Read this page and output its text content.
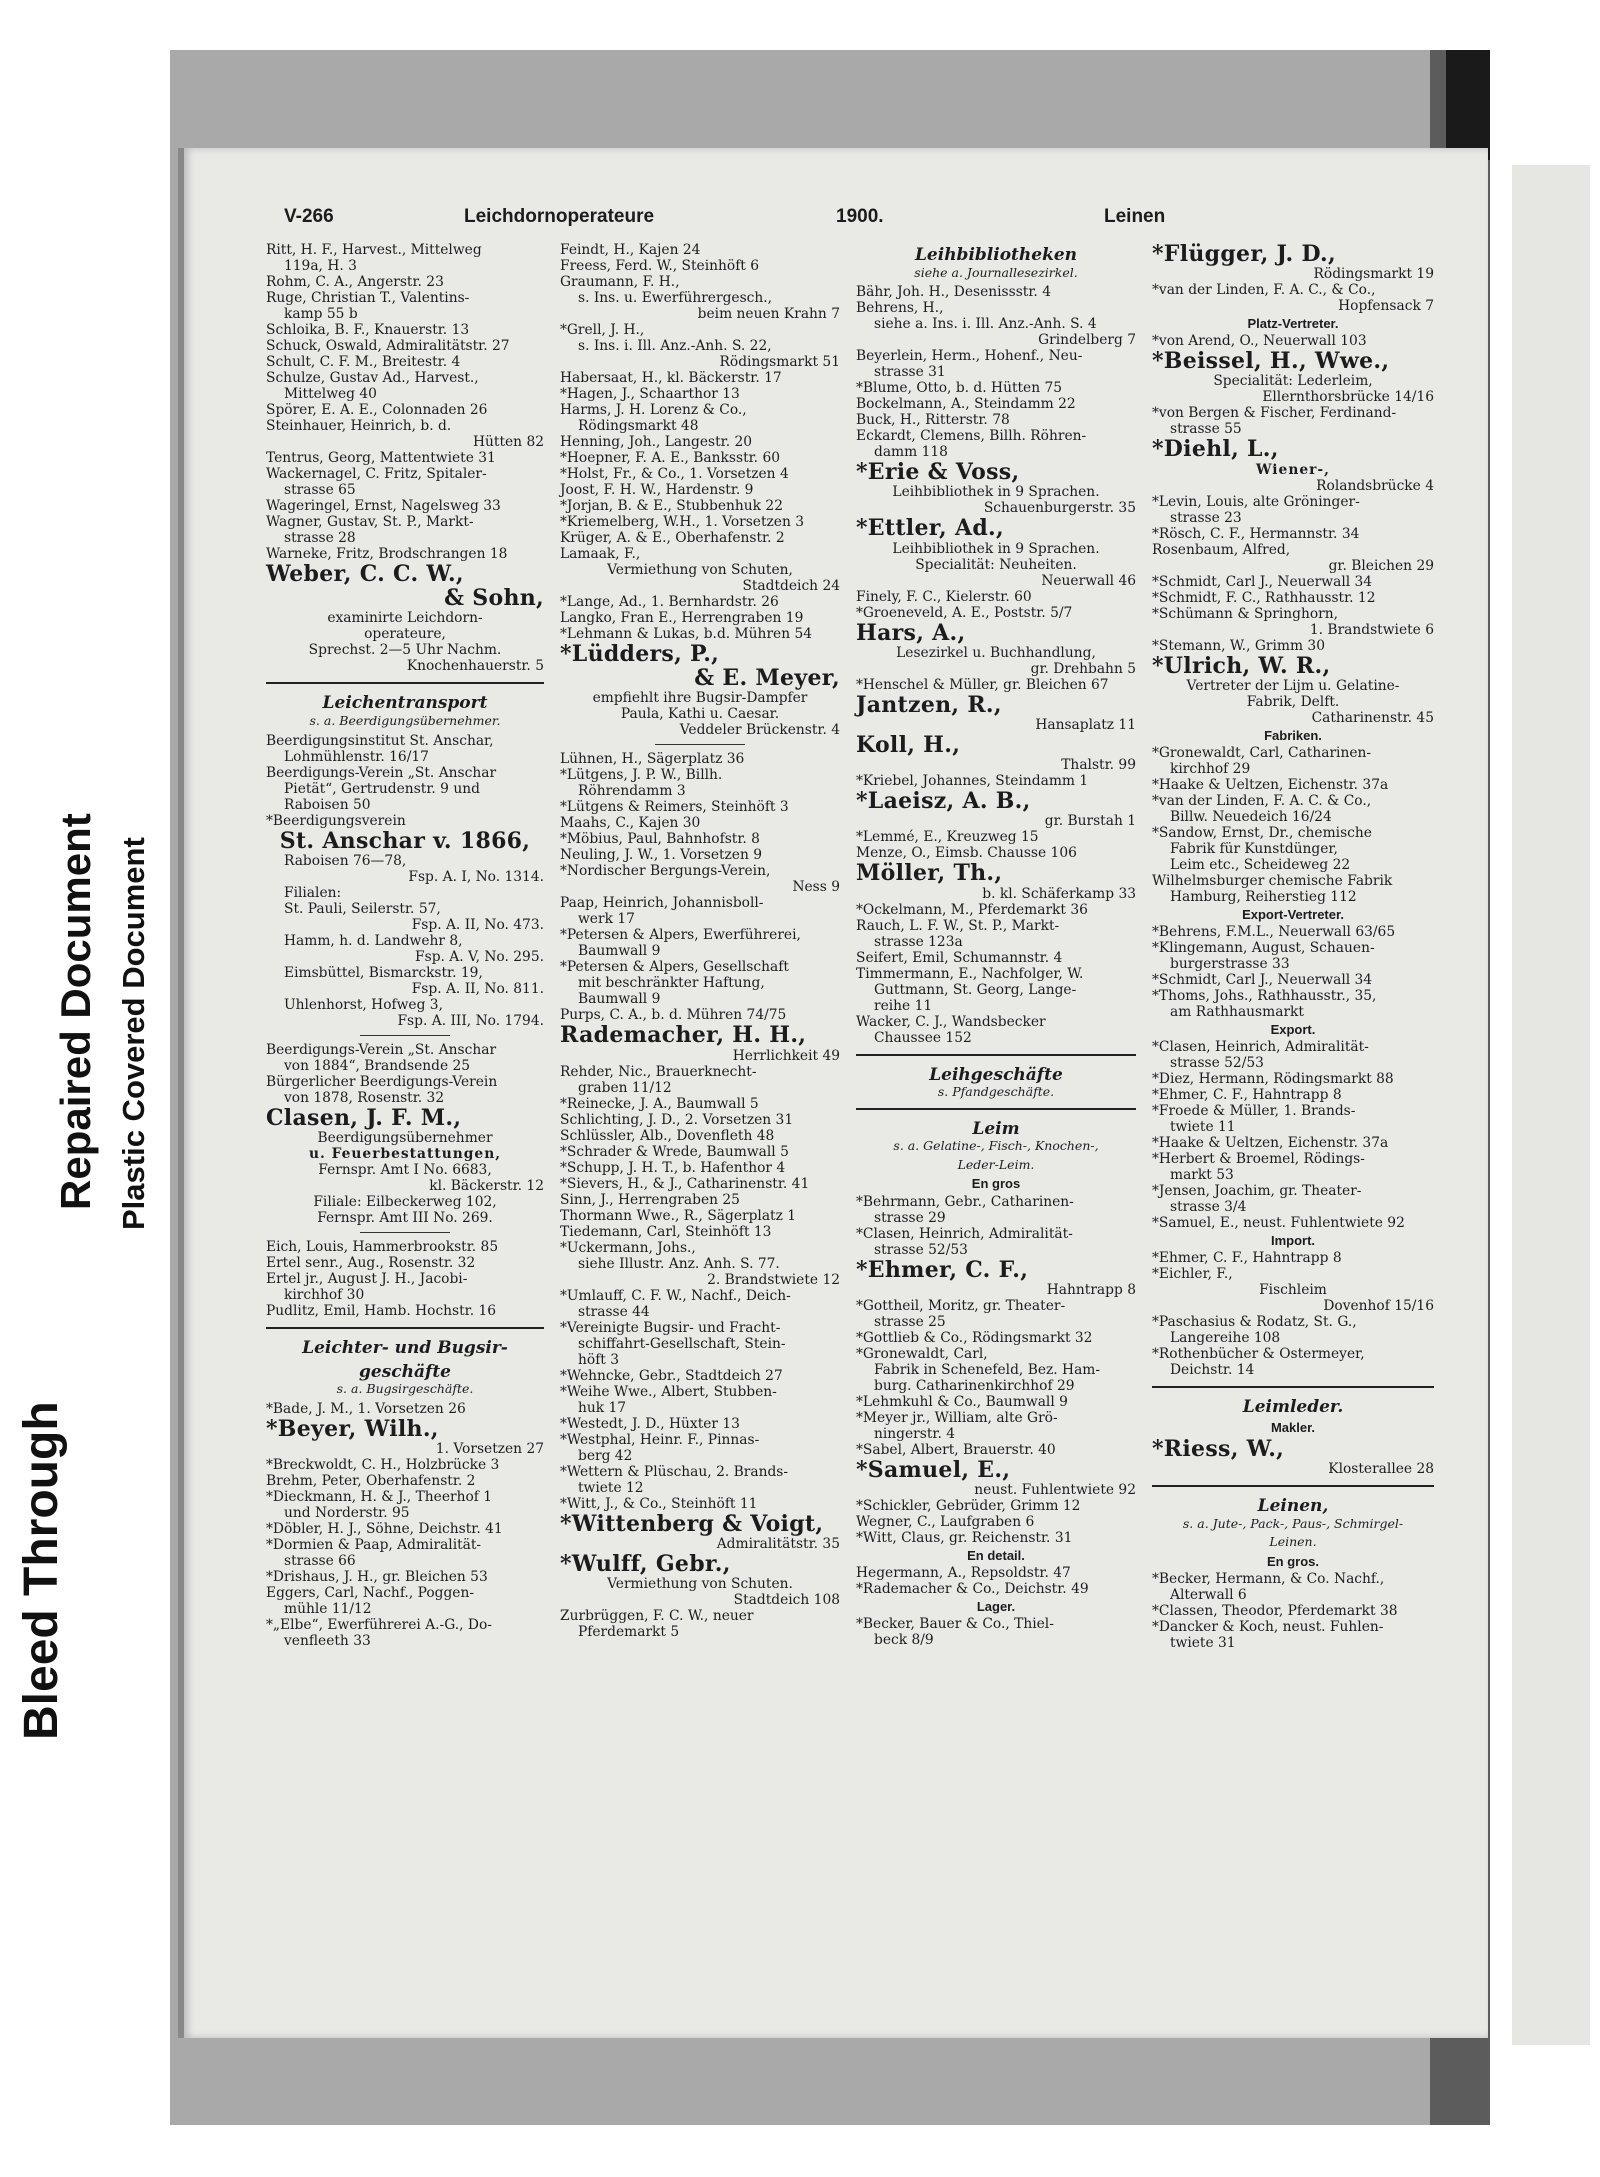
Bleed Through
Repaired Document Plastic Covered Document
V-266	Leichdornoperateure	1900.	Leinen
Ritt, H. F., Harvest., Mittelweg
119a, H. 3
Rohm, C. A., Angerstr. 23
Ruge, Christian T., Valentins-
kamp 55 b
Schloika, B. F., Knauerstr. 13
Schuck, Oswald, Admiralitätstr. 27
Schult, C. F. M., Breitestr. 4
Schulze, Gustav Ad., Harvest.,
Mittelweg 40
Spörer, E. A. E., Colonnaden 26
Steinhauer, Heinrich, b. d.
Hütten 82
Tentrus, Georg, Mattentwiete 31
Wackernagel, C. Fritz, Spitaler-
strasse 65
Wageringel, Ernst, Nagelsweg 33
Wagner, Gustav, St. P., Markt-
strasse 28
Warneke, Fritz, Brodschrangen 18
Weber, C. C. W.,
& Sohn,
examinirte Leichdorn-
operateure,
Sprechst. 2—5 Uhr Nachm.
Knochenhauerstr. 5
Leichentransport
s. a. Beerdigungsübernehmer.
Beerdigungsinstitut St. Anschar,
Lohmühlenstr. 16/17
Beerdigungs-Verein „St. Anschar
Pietät“, Gertrudenstr. 9 und
Raboisen 50
*Beerdigungsverein
St. Anschar v. 1866,
Raboisen 76—78,
Fsp. A. I, No. 1314.
Filialen:
St. Pauli, Seilerstr. 57,
Fsp. A. II, No. 473.
Hamm, h. d. Landwehr 8,
Fsp. A. V, No. 295.
Eimsbüttel, Bismarckstr. 19,
Fsp. A. II, No. 811.
Uhlenhorst, Hofweg 3,
Fsp. A. III, No. 1794.
Beerdigungs-Verein „St. Anschar
von 1884“, Brandsende 25
Bürgerlicher Beerdigungs-Verein
von 1878, Rosenstr. 32
Clasen, J. F. M.,
Beerdigungsübernehmer
u. Feuerbestattungen,
Fernspr. Amt I No. 6683,
kl. Bäckerstr. 12
Filiale: Eilbeckerweg 102,
Fernspr. Amt III No. 269.
Eich, Louis, Hammerbrookstr. 85
Ertel senr., Aug., Rosenstr. 32
Ertel jr., August J. H., Jacobi-
kirchhof 30
Pudlitz, Emil, Hamb. Hochstr. 16
Leichter- und Bugsir-
geschäfte
s. a. Bugsirgeschäfte.
*Bade, J. M., 1. Vorsetzen 26
*Beyer, Wilh.,
1. Vorsetzen 27
*Breckwoldt, C. H., Holzbrücke 3
Brehm, Peter, Oberhafenstr. 2
*Dieckmann, H. & J., Theerhof 1
und Norderstr. 95
*Döbler, H. J., Söhne, Deichstr. 41
*Dormien & Paap, Admiralität-
strasse 66
*Drishaus, J. H., gr. Bleichen 53
Eggers, Carl, Nachf., Poggen-
mühle 11/12
*„Elbe“, Ewerführerei A.-G., Do-
venfleeth 33
Feindt, H., Kajen 24
Freess, Ferd. W., Steinhöft 6
Graumann, F. H.,
s. Ins. u. Ewerführergesch.,
beim neuen Krahn 7
*Grell, J. H.,
s. Ins. i. Ill. Anz.-Anh. S. 22,
Rödingsmarkt 51
Habersaat, H., kl. Bäckerstr. 17
*Hagen, J., Schaarthor 13
Harms, J. H. Lorenz & Co.,
Rödingsmarkt 48
Henning, Joh., Langestr. 20
*Hoepner, F. A. E., Banksstr. 60
*Holst, Fr., & Co., 1. Vorsetzen 4
Joost, F. H. W., Hardenstr. 9
*Jorjan, B. & E., Stubbenhuk 22
*Kriemelberg, W.H., 1. Vorsetzen 3
Krüger, A. & E., Oberhafenstr. 2
Lamaak, F.,
Vermiethung von Schuten,
Stadtdeich 24
*Lange, Ad., 1. Bernhardstr. 26
Langko, Fran E., Herrengraben 19
*Lehmann & Lukas, b.d. Mühren 54
*Lüdders, P.,
& E. Meyer,
empfiehlt ihre Bugsir-Dampfer
Paula, Kathi u. Caesar.
Veddeler Brückenstr. 4
Lühnen, H., Sägerplatz 36
*Lütgens, J. P. W., Billh.
Röhrendamm 3
*Lütgens & Reimers, Steinhöft 3
Maahs, C., Kajen 30
*Möbius, Paul, Bahnhofstr. 8
Neuling, J. W., 1. Vorsetzen 9
*Nordischer Bergungs-Verein,
Ness 9
Paap, Heinrich, Johannisboll-
werk 17
*Petersen & Alpers, Ewerführerei,
Baumwall 9
*Petersen & Alpers, Gesellschaft
mit beschränkter Haftung,
Baumwall 9
Purps, C. A., b. d. Mühren 74/75
Rademacher, H. H.,
Herrlichkeit 49
Rehder, Nic., Brauerknecht-
graben 11/12
*Reinecke, J. A., Baumwall 5
Schlichting, J. D., 2. Vorsetzen 31
Schlüssler, Alb., Dovenfleth 48
*Schrader & Wrede, Baumwall 5
*Schupp, J. H. T., b. Hafenthor 4
*Sievers, H., & J., Catharinenstr. 41
Sinn, J., Herrengraben 25
Thormann Wwe., R., Sägerplatz 1
Tiedemann, Carl, Steinhöft 13
*Uckermann, Johs.,
siehe Illustr. Anz. Anh. S. 77.
2. Brandstwiete 12
*Umlauff, C. F. W., Nachf., Deich-
strasse 44
*Vereinigte Bugsir- und Fracht-
schiffahrt-Gesellschaft, Stein-
höft 3
*Wehncke, Gebr., Stadtdeich 27
*Weihe Wwe., Albert, Stubben-
huk 17
*Westedt, J. D., Hüxter 13
*Westphal, Heinr. F., Pinnas-
berg 42
*Wettern & Plüschau, 2. Brands-
twiete 12
*Witt, J., & Co., Steinhöft 11
*Wittenberg & Voigt,
Admiralitätstr. 35
*Wulff, Gebr.,
Vermiethung von Schuten.
Stadtdeich 108
Zurbrüggen, F. C. W., neuer
Pferdemarkt 5
Leihbibliotheken
siehe a. Journallesezirkel.
Bähr, Joh. H., Desenissstr. 4
Behrens, H.,
siehe a. Ins. i. Ill. Anz.-Anh. S. 4
Grindelberg 7
Beyerlein, Herm., Hohenf., Neu-
strasse 31
*Blume, Otto, b. d. Hütten 75
Bockelmann, A., Steindamm 22
Buck, H., Ritterstr. 78
Eckardt, Clemens, Billh. Röhren-
damm 118
*Erie & Voss,
Leihbibliothek in 9 Sprachen.
Schauenburgerstr. 35
*Ettler, Ad.,
Leihbibliothek in 9 Sprachen.
Specialität: Neuheiten.
Neuerwall 46
Finely, F. C., Kielerstr. 60
*Groeneveld, A. E., Poststr. 5/7
Hars, A.,
Lesezirkel u. Buchhandlung,
gr. Drehbahn 5
*Henschel & Müller, gr. Bleichen 67
Jantzen, R.,
Hansaplatz 11
Koll, H.,
Thalstr. 99
*Kriebel, Johannes, Steindamm 1
*Laeisz, A. B.,
gr. Burstah 1
*Lemmé, E., Kreuzweg 15
Menze, O., Eimsb. Chausse 106
Möller, Th.,
b. kl. Schäferkamp 33
*Ockelmann, M., Pferdemarkt 36
Rauch, L. F. W., St. P., Markt-
strasse 123a
Seifert, Emil, Schumannstr. 4
Timmermann, E., Nachfolger, W.
Guttmann, St. Georg, Lange-
reihe 11
Wacker, C. J., Wandsbecker
Chaussee 152
Leihgeschäfte
s. Pfandgeschäfte.
Leim
s. a. Gelatine-, Fisch-, Knochen-,
Leder-Leim.
En gros
*Behrmann, Gebr., Catharinen-
strasse 29
*Clasen, Heinrich, Admiralität-
strasse 52/53
*Ehmer, C. F.,
Hahntrapp 8
*Gottheil, Moritz, gr. Theater-
strasse 25
*Gottlieb & Co., Rödingsmarkt 32
*Gronewaldt, Carl,
Fabrik in Schenefeld, Bez. Ham-
burg. Catharinenkirchhof 29
*Lehmkuhl & Co., Baumwall 9
*Meyer jr., William, alte Grö-
ningerstr. 4
*Sabel, Albert, Brauerstr. 40
*Samuel, E.,
neust. Fuhlentwiete 92
*Schickler, Gebrüder, Grimm 12
Wegner, C., Laufgraben 6
*Witt, Claus, gr. Reichenstr. 31
En detail.
Hegermann, A., Repsoldstr. 47
*Rademacher & Co., Deichstr. 49
Lager.
*Becker, Bauer & Co., Thiel-
beck 8/9
*Flügger, J. D.,
Rödingsmarkt 19
*van der Linden, F. A. C., & Co.,
Hopfensack 7
Platz-Vertreter.
*von Arend, O., Neuerwall 103
*Beissel, H., Wwe.,
Specialität: Lederleim,
Ellernthorsbrücke 14/16
*von Bergen & Fischer, Ferdinand-
strasse 55
*Diehl, L.,
Wiener-,
Rolandsbrücke 4
*Levin, Louis, alte Gröninger-
strasse 23
*Rösch, C. F., Hermannstr. 34
Rosenbaum, Alfred,
gr. Bleichen 29
*Schmidt, Carl J., Neuerwall 34
*Schmidt, F. C., Rathhausstr. 12
*Schümann & Springhorn,
1. Brandstwiete 6
*Stemann, W., Grimm 30
*Ulrich, W. R.,
Vertreter der Lijm u. Gelatine-
Fabrik, Delft.
Catharinenstr. 45
Fabriken.
*Gronewaldt, Carl, Catharinen-
kirchhof 29
*Haake & Ueltzen, Eichenstr. 37a
*van der Linden, F. A. C. & Co.,
Billw. Neuedeich 16/24
*Sandow, Ernst, Dr., chemische
Fabrik für Kunstdünger,
Leim etc., Scheideweg 22
Wilhelmsburger chemische Fabrik
Hamburg, Reiherstieg 112
Export-Vertreter.
*Behrens, F.M.L., Neuerwall 63/65
*Klingemann, August, Schauen-
burgerstrasse 33
*Schmidt, Carl J., Neuerwall 34
*Thoms, Johs., Rathhausstr., 35,
am Rathhausmarkt
Export.
*Clasen, Heinrich, Admiralität-
strasse 52/53
*Diez, Hermann, Rödingsmarkt 88
*Ehmer, C. F., Hahntrapp 8
*Froede & Müller, 1. Brands-
twiete 11
*Haake & Ueltzen, Eichenstr. 37a
*Herbert & Broemel, Rödings-
markt 53
*Jensen, Joachim, gr. Theater-
strasse 3/4
*Samuel, E., neust. Fuhlentwiete 92
Import.
*Ehmer, C. F., Hahntrapp 8
*Eichler, F.,
Fischleim
Dovenhof 15/16
*Paschasius & Rodatz, St. G.,
Langereihe 108
*Rothenbücher & Ostermeyer,
Deichstr. 14
Leimleder.
Makler.
*Riess, W.,
Klosterallee 28
Leinen,
s. a. Jute-, Pack-, Paus-, Schmirgel-
Leinen.
En gros.
*Becker, Hermann, & Co. Nachf.,
Alterwall 6
*Classen, Theodor, Pferdemarkt 38
*Dancker & Koch, neust. Fuhlen-
twiete 31
